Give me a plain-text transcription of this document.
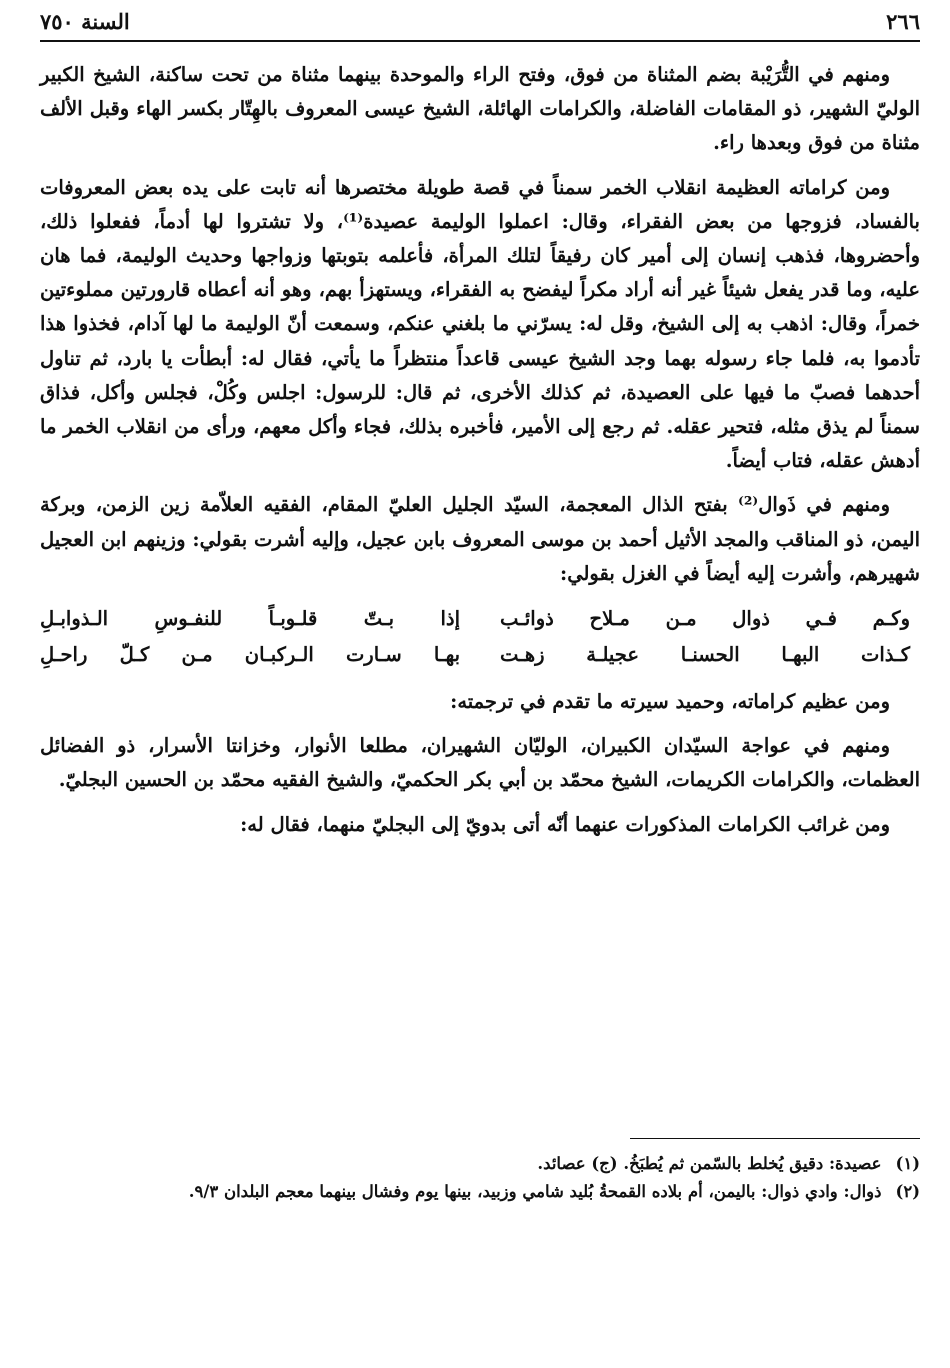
٢٦٦
السنة ٧٥٠

ومنهم في التُّرَيْبة بضم المثناة من فوق، وفتح الراء والموحدة بينهما مثناة من تحت ساكنة، الشيخ الكبير الوليّ الشهير، ذو المقامات الفاضلة، والكرامات الهائلة، الشيخ عيسى المعروف بالهِتّار بكسر الهاء وقبل الألف مثناة من فوق وبعدها راء.

ومن كراماته العظيمة انقلاب الخمر سمناً في قصة طويلة مختصرها أنه تابت على يده بعض المعروفات بالفساد، فزوجها من بعض الفقراء، وقال: اعملوا الوليمة عصيدة⁽¹⁾، ولا تشتروا لها أدماً، ففعلوا ذلك، وأحضروها، فذهب إنسان إلى أمير كان رفيقاً لتلك المرأة، فأعلمه بتوبتها وزواجها وحديث الوليمة، فما هان عليه، وما قدر يفعل شيئاً غير أنه أراد مكراً ليفضح به الفقراء، ويستهزأ بهم، وهو أنه أعطاه قارورتين مملوءتين خمراً، وقال: اذهب به إلى الشيخ، وقل له: يسرّني ما بلغني عنكم، وسمعت أنّ الوليمة ما لها آدام، فخذوا هذا تأدموا به، فلما جاء رسوله بهما وجد الشيخ عيسى قاعداً منتظراً ما يأتي، فقال له: أبطأت يا بارد، ثم تناول أحدهما فصبّ ما فيها على العصيدة، ثم كذلك الأخرى، ثم قال: للرسول: اجلس وكُلْ، فجلس وأكل، فذاق سمناً لم يذق مثله، فتحير عقله. ثم رجع إلى الأمير، فأخبره بذلك، فجاء وأكل معهم، ورأى من انقلاب الخمر ما أدهش عقله، فتاب أيضاً.

ومنهم في ذَوال⁽²⁾ بفتح الذال المعجمة، السيّد الجليل العليّ المقام، الفقيه العلاّمة زين الزمن، وبركة اليمن، ذو المناقب والمجد الأثيل أحمد بن موسى المعروف بابن عجيل، وإليه أشرت بقولي: وزينهم ابن العجيل شهيرهم، وأشرت إليه أيضاً في الغزل بقولي:

وكـم فـي ذوال مـن مـلاح ذوائـب
إذا بـتّ قلـوبـاً للنفـوسِ الـذوابـلِ
كـذات البهـا الحسنـا عجيلـة زهـت
بهـا سـارت الـركبـان مـن كـلّ راحـلِ

ومن عظيم كراماته، وحميد سيرته ما تقدم في ترجمته:

ومنهم في عواجة السيّدان الكبيران، الوليّان الشهيران، مطلعا الأنوار، وخزانتا الأسرار، ذو الفضائل العظمات، والكرامات الكريمات، الشيخ محمّد بن أبي بكر الحكميّ، والشيخ الفقيه محمّد بن الحسين البجليّ.

ومن غرائب الكرامات المذكورات عنهما أنّه أتى بدويّ إلى البجليّ منهما، فقال له:

(١)
عصيدة: دقيق يُخلط بالسّمن ثم يُطبَخُ. (ج) عصائد.
(٢)
ذوال: وادي ذوال: باليمن، أم بلاده القمحةُ بُليد شامي وزبيد، بينها يوم وفشال بينهما معجم البلدان ٩/٣.
